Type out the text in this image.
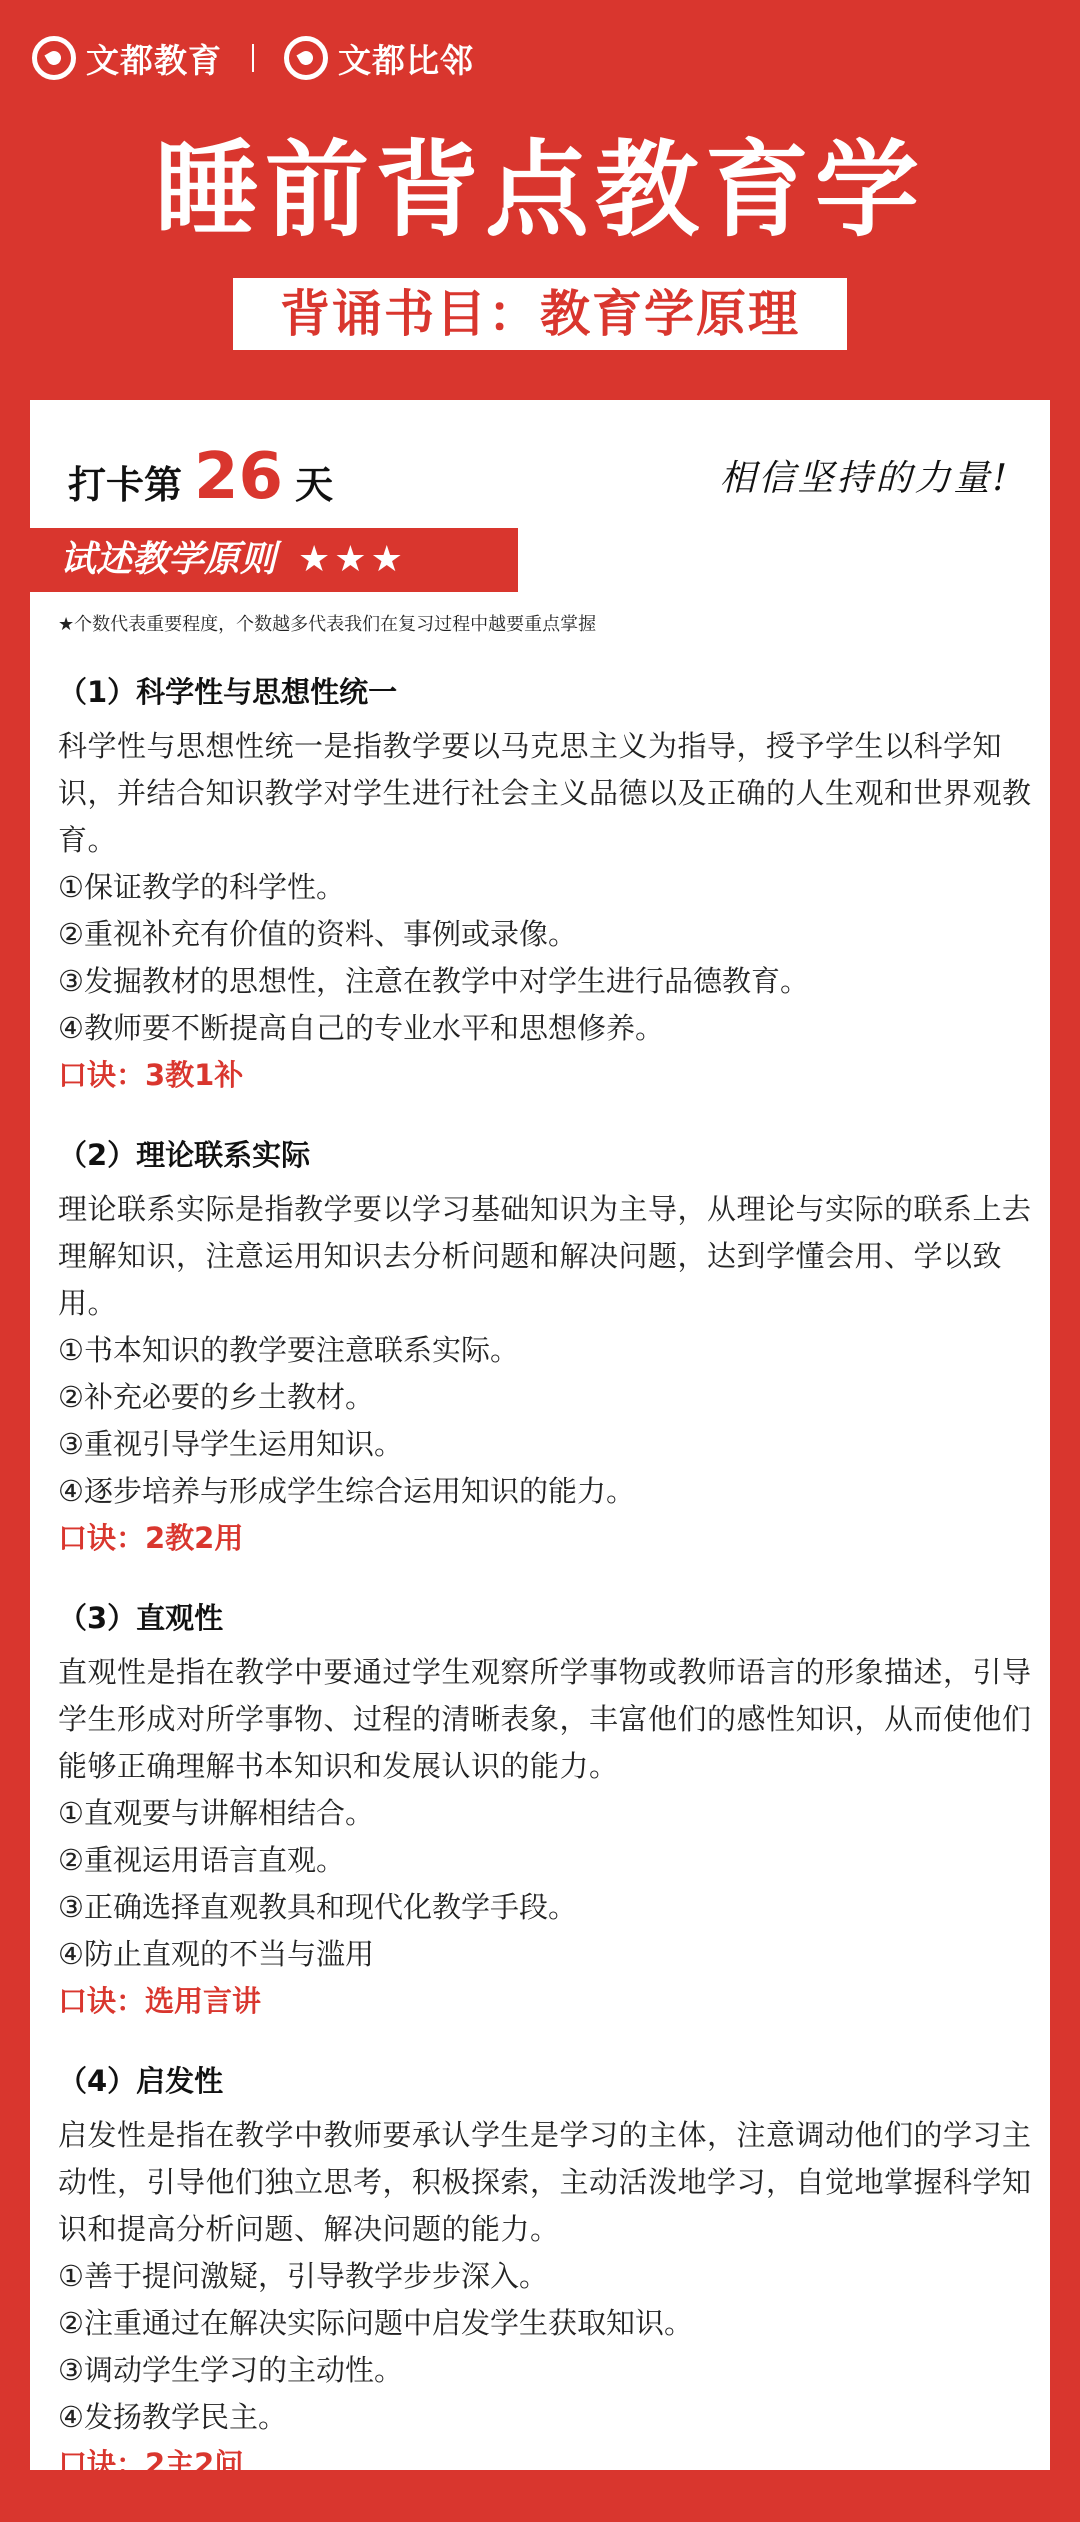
文都教育	文都比邻
睡前背点教育学
背诵书目：教育学原理
打卡第 26 天	相信坚持的力量!
试述教学原则 ★★★
★个数代表重要程度，个数越多代表我们在复习过程中越要重点掌握
（1）科学性与思想性统一
科学性与思想性统一是指教学要以马克思主义为指导，授予学生以科学知识，并结合知识教学对学生进行社会主义品德以及正确的人生观和世界观教育。
①保证教学的科学性。
②重视补充有价值的资料、事例或录像。
③发掘教材的思想性，注意在教学中对学生进行品德教育。
④教师要不断提高自己的专业水平和思想修养。
口诀：3教1补
（2）理论联系实际
理论联系实际是指教学要以学习基础知识为主导，从理论与实际的联系上去理解知识，注意运用知识去分析问题和解决问题，达到学懂会用、学以致用。
①书本知识的教学要注意联系实际。
②补充必要的乡土教材。
③重视引导学生运用知识。
④逐步培养与形成学生综合运用知识的能力。
口诀：2教2用
（3）直观性
直观性是指在教学中要通过学生观察所学事物或教师语言的形象描述，引导学生形成对所学事物、过程的清晰表象，丰富他们的感性知识，从而使他们能够正确理解书本知识和发展认识的能力。
①直观要与讲解相结合。
②重视运用语言直观。
③正确选择直观教具和现代化教学手段。
④防止直观的不当与滥用
口诀：选用言讲
（4）启发性
启发性是指在教学中教师要承认学生是学习的主体，注意调动他们的学习主动性，引导他们独立思考，积极探索，主动活泼地学习，自觉地掌握科学知识和提高分析问题、解决问题的能力。
①善于提问激疑，引导教学步步深入。
②注重通过在解决实际问题中启发学生获取知识。
③调动学生学习的主动性。
④发扬教学民主。
口诀：2主2问
